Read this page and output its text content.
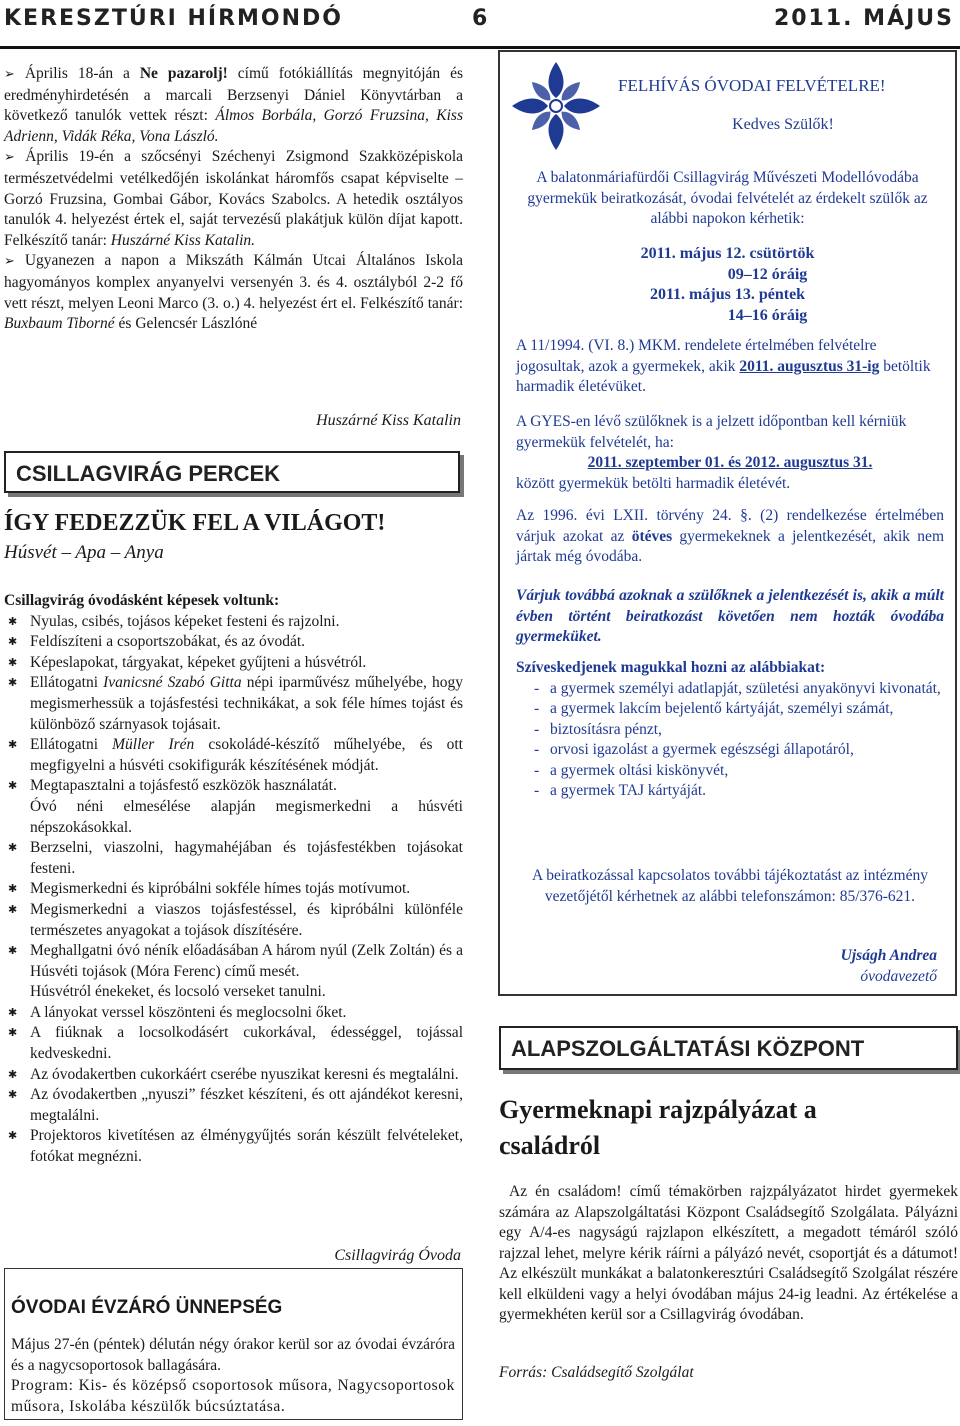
KERESZTÚRI HÍRMONDÓ	6	2011. MÁJUS

➢ Április 18-án a Ne pazarolj! című fotókiállítás megnyitóján és eredményhirdetésén a marcali Berzsenyi Dániel Könyvtárban a következő tanulók vettek részt: Álmos Borbála, Gorzó Fruzsina, Kiss Adrienn, Vidák Réka, Vona László.

➢ Április 19-én a szőcsényi Széchenyi Zsigmond Szakközépiskola természetvédelmi vetélkedőjén iskolánkat háromfős csapat képviselte – Gorzó Fruzsina, Gombai Gábor, Kovács Szabolcs. A hetedik osztályos tanulók 4. helyezést értek el, saját tervezésű plakátjuk külön díjat kapott. Felkészítő tanár: Huszárné Kiss Katalin.

➢ Ugyanezen a napon a Mikszáth Kálmán Utcai Általános Iskola hagyományos komplex anyanyelvi versenyén 3. és 4. osztályból 2-2 fő vett részt, melyen Leoni Marco (3. o.) 4. helyezést ért el. Felkészítő tanár: Buxbaum Tiborné és Gelencsér Lászlóné

Huszárné Kiss Katalin
CSILLAGVIRÁG PERCEK
ÍGY FEDEZZÜK FEL A VILÁGOT!
Húsvét – Apa – Anya

Csillagvirág óvodásként képesek voltunk:

✱ Nyulas, csibés, tojásos képeket festeni és rajzolni.
✱ Feldíszíteni a csoportszobákat, és az óvodát.
✱ Képeslapokat, tárgyakat, képeket gyűjteni a húsvétról.
✱ Ellátogatni Ivanicsné Szabó Gitta népi iparművész műhelyébe, hogy megismerhessük a tojásfestési technikákat, a sok féle hímes tojást és különböző szárnyasok tojásait.
✱ Ellátogatni Müller Irén csokoládé-készítő műhelyébe, és ott megfigyelni a húsvéti csokifigurák készítésének módját.
✱ Megtapasztalni a tojásfestő eszközök használatát.
Óvó néni elmesélése alapján megismerkedni a húsvéti népszokásokkal.
✱ Berzselni, viaszolni, hagymahéjában és tojásfestékben tojásokat festeni.
✱ Megismerkedni és kipróbálni sokféle hímes tojás motívumot.
✱ Megismerkedni a viaszos tojásfestéssel, és kipróbálni különféle természetes anyagokat a tojások díszítésére.
✱ Meghallgatni óvó néník előadásában A három nyúl (Zelk Zoltán) és a Húsvéti tojások (Móra Ferenc) című mesét.
Húsvétról énekeket, és locsoló verseket tanulni.
✱ A lányokat verssel köszönteni és meglocsolni őket.
✱ A fiúknak a locsolkodásért cukorkával, édességgel, tojással kedveskedni.
✱ Az óvodakertben cukorkáért cserébe nyuszikat keresni és megtalálni.
✱ Az óvodakertben „nyuszi” fészket készíteni, és ott ajándékot keresni, megtalálni.
✱ Projektoros kivetítésen az élménygyűjtés során készült felvételeket, fotókat megnézni.
Csillagvirág Óvoda
ÓVODAI ÉVZÁRÓ ÜNNEPSÉG

Május 27-én (péntek) délután négy órakor kerül sor az óvodai évzáróra és a nagycsoportosok ballagására.

Program: Kis- és középső csoportosok műsora, Nagycsoportosok műsora, Iskolába készülők búcsúztatása.

FELHÍVÁS ÓVODAI FELVÉTELRE!
Kedves Szülők!
A balatonmáriafürdői Csillagvirág Művészeti Modellóvodába gyermekük beiratkozását, óvodai felvételét az érdekelt szülők az alábbi napokon kérhetik:
2011. május 12. csütörtök
09–12 óráig
2011. május 13. péntek
14–16 óráig
A 11/1994. (VI. 8.) MKM. rendelete értelmében felvételre jogosultak, azok a gyermekek, akik 2011. augusztus 31-ig betöltik harmadik életévüket.
A GYES-en lévő szülőknek is a jelzett időpontban kell kérniük gyermekük felvételét, ha:
2011. szeptember 01. és 2012. augusztus 31.
között gyermekük betölti harmadik életévét.
Az 1996. évi LXII. törvény 24. §. (2) rendelkezése értelmében várjuk azokat az ötéves gyermekeknek a jelentkezését, akik nem jártak még óvodába.
Várjuk továbbá azoknak a szülőknek a jelentkezését is, akik a múlt évben történt beiratkozást követően nem hozták óvodába gyermeküket.
Szíveskedjenek magukkal hozni az alábbiakat:
- a gyermek személyi adatlapját, születési anyakönyvi kivonatát,
- a gyermek lakcím bejelentő kártyáját, személyi számát,
- biztosításra pénzt,
- orvosi igazolást a gyermek egészségi állapotáról,
- a gyermek oltási kiskönyvét,
- a gyermek TAJ kártyáját.
A beiratkozással kapcsolatos további tájékoztatást az intézmény vezetőjétől kérhetnek az alábbi telefonszámon: 85/376-621.
Ujságh Andrea
óvodavezető
ALAPSZOLGÁLTATÁSI KÖZPONT
Gyermeknapi rajzpályázat a családról
Az én családom! című témakörben rajzpályázatot hirdet gyermekek számára az Alapszolgáltatási Központ Családsegítő Szolgálata. Pályázni egy A/4-es nagyságú rajzlapon elkészített, a megadott témáról szóló rajzzal lehet, melyre kérik ráírni a pályázó nevét, csoportját és a dátumot! Az elkészült munkákat a balatonkeresztúri Családsegítő Szolgálat részére kell elküldeni vagy a helyi óvodában május 24-ig leadni. Az értékelése a gyermekhéten kerül sor a Csillagvirág óvodában.
Forrás: Családsegítő Szolgálat
